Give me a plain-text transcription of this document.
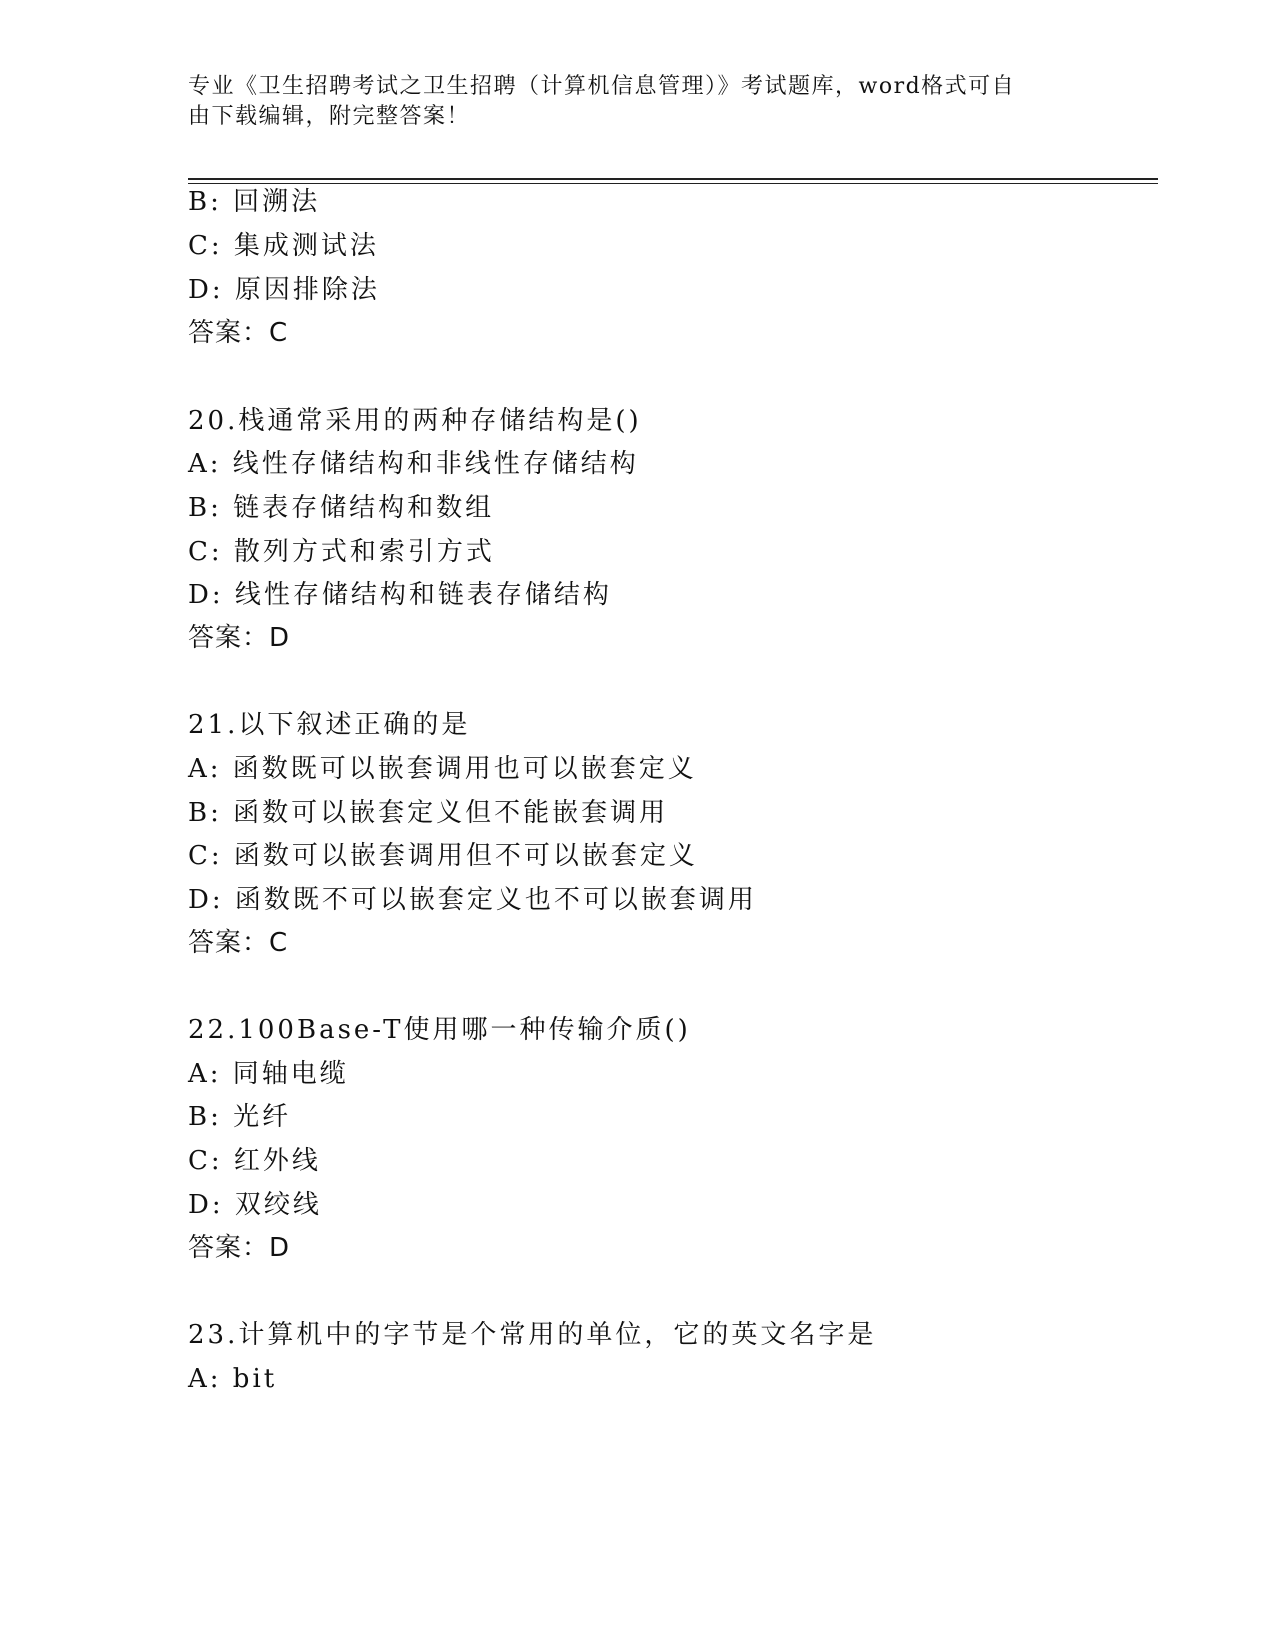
专业《卫生招聘考试之卫生招聘（计算机信息管理）》考试题库，word格式可自
由下载编辑，附完整答案！
B: 回溯法
C: 集成测试法
D: 原因排除法
答案：C
20.栈通常采用的两种存储结构是()
A: 线性存储结构和非线性存储结构
B: 链表存储结构和数组
C: 散列方式和索引方式
D: 线性存储结构和链表存储结构
答案：D
21.以下叙述正确的是
A: 函数既可以嵌套调用也可以嵌套定义
B: 函数可以嵌套定义但不能嵌套调用
C: 函数可以嵌套调用但不可以嵌套定义
D: 函数既不可以嵌套定义也不可以嵌套调用
答案：C
22.100Base-T使用哪一种传输介质()
A: 同轴电缆
B: 光纤
C: 红外线
D: 双绞线
答案：D
23.计算机中的字节是个常用的单位，它的英文名字是
A: bit
